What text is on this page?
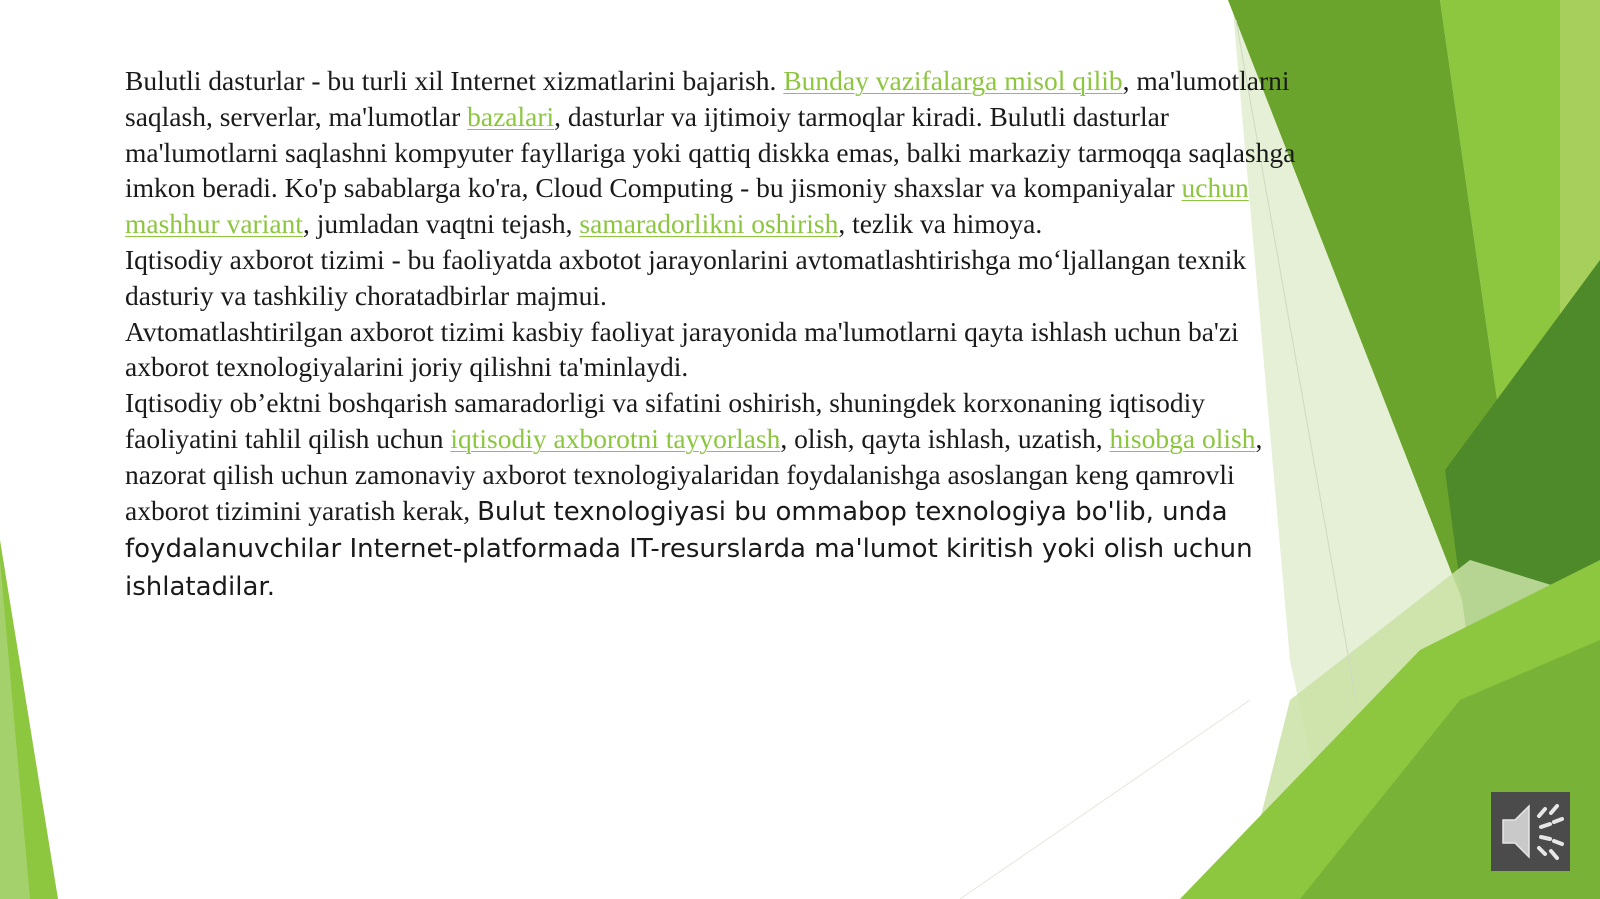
Bulutli dasturlar - bu turli xil Internet xizmatlarini bajarish. Bunday vazifalarga misol qilib, ma'lumotlarni saqlash, serverlar, ma'lumotlar bazalari, dasturlar va ijtimoiy tarmoqlar kiradi. Bulutli dasturlar ma'lumotlarni saqlashni kompyuter fayllariga yoki qattiq diskka emas, balki markaziy tarmoqqa saqlashga imkon beradi. Ko'p sabablarga ko'ra, Cloud Computing - bu jismoniy shaxslar va kompaniyalar uchun mashhur variant, jumladan vaqtni tejash, samaradorlikni oshirish, tezlik va himoya.

Iqtisodiy axborot tizimi - bu faoliyatda axbotot jarayonlarini avtomatlashtirishga mo‘ljallangan texnik dasturiy va tashkiliy choratadbirlar majmui.

Avtomatlashtirilgan axborot tizimi kasbiy faoliyat jarayonida ma'lumotlarni qayta ishlash uchun ba'zi axborot texnologiyalarini joriy qilishni ta'minlaydi.

Iqtisodiy ob’ektni boshqarish samaradorligi va sifatini oshirish, shuningdek korxonaning iqtisodiy faoliyatini tahlil qilish uchun iqtisodiy axborotni tayyorlash, olish, qayta ishlash, uzatish, hisobga olish, nazorat qilish uchun zamonaviy axborot texnologiyalaridan foydalanishga asoslangan keng qamrovli axborot tizimini yaratish kerak, Bulut texnologiyasi bu ommabop texnologiya bo'lib, unda foydalanuvchilar Internet-platformada IT-resurslarda ma'lumot kiritish yoki olish uchun ishlatadilar.
